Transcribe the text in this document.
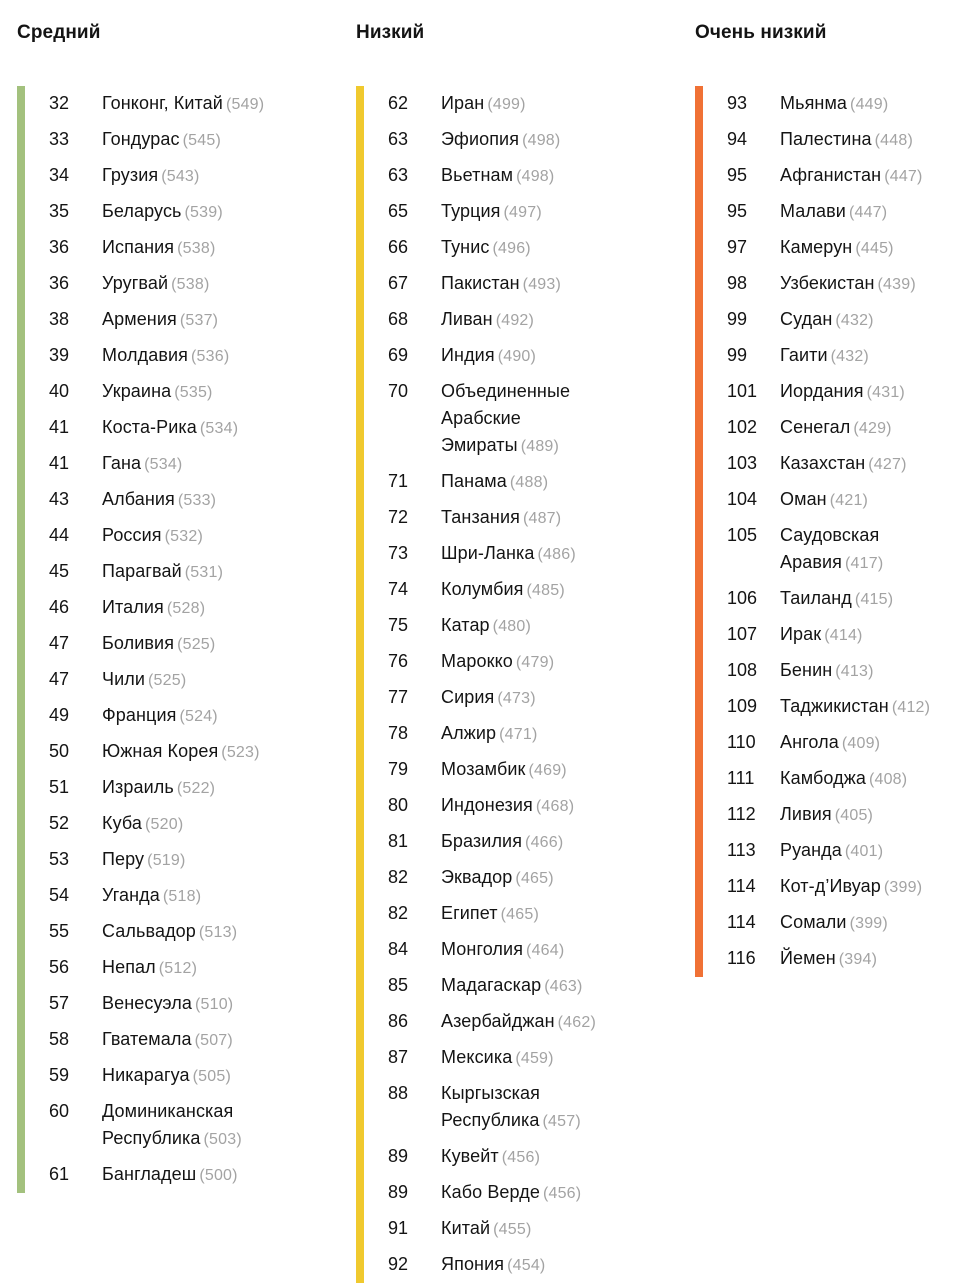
Средний
32 Гонконг, Китай (549)
33 Гондурас (545)
34 Грузия (543)
35 Беларусь (539)
36 Испания (538)
36 Уругвай (538)
38 Армения (537)
39 Молдавия (536)
40 Украина (535)
41 Коста-Рика (534)
41 Гана (534)
43 Албания (533)
44 Россия (532)
45 Парагвай (531)
46 Италия (528)
47 Боливия (525)
47 Чили (525)
49 Франция (524)
50 Южная Корея (523)
51 Израиль (522)
52 Куба (520)
53 Перу (519)
54 Уганда (518)
55 Сальвадор (513)
56 Непал (512)
57 Венесуэла (510)
58 Гватемала (507)
59 Никарагуа (505)
60 Доминиканская
Республика (503)
61 Бангладеш (500)
Низкий
62 Иран (499)
63 Эфиопия (498)
63 Вьетнам (498)
65 Турция (497)
66 Тунис (496)
67 Пакистан (493)
68 Ливан (492)
69 Индия (490)
70 Объединенные
Арабские
Эмираты (489)
71 Панама (488)
72 Танзания (487)
73 Шри-Ланка (486)
74 Колумбия (485)
75 Катар (480)
76 Марокко (479)
77 Сирия (473)
78 Алжир (471)
79 Мозамбик (469)
80 Индонезия (468)
81 Бразилия (466)
82 Эквадор (465)
82 Египет (465)
84 Монголия (464)
85 Мадагаскар (463)
86 Азербайджан (462)
87 Мексика (459)
88 Кыргызская
Республика (457)
89 Кувейт (456)
89 Кабо Верде (456)
91 Китай (455)
92 Япония (454)
Очень низкий
93 Мьянма (449)
94 Палестина (448)
95 Афганистан (447)
95 Малави (447)
97 Камерун (445)
98 Узбекистан (439)
99 Судан (432)
99 Гаити (432)
101 Иордания (431)
102 Сенегал (429)
103 Казахстан (427)
104 Оман (421)
105 Саудовская
Аравия (417)
106 Таиланд (415)
107 Ирак (414)
108 Бенин (413)
109 Таджикистан (412)
110 Ангола (409)
111 Камбоджа (408)
112 Ливия (405)
113 Руанда (401)
114 Кот-д’Ивуар (399)
114 Сомали (399)
116 Йемен (394)
